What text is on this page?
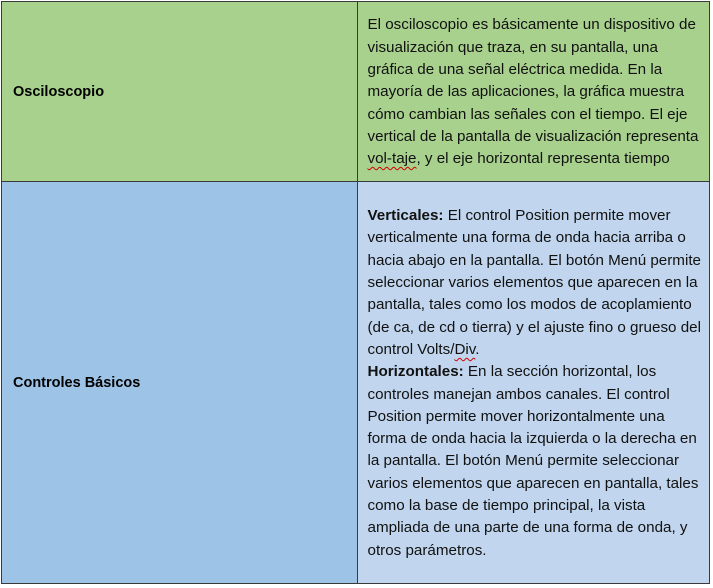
Osciloscopio	El osciloscopio es básicamente un dispositivo de visualización que traza, en su pantalla, una gráfica de una señal eléctrica medida. En la mayoría de las aplicaciones, la gráfica muestra cómo cambian las señales con el tiempo. El eje vertical de la pantalla de visualización representa vol-taje, y el eje horizontal representa tiempo

Controles Básicos	Verticales: El control Position permite mover verticalmente una forma de onda hacia arriba o hacia abajo en la pantalla. El botón Menú permite seleccionar varios elementos que aparecen en la pantalla, tales como los modos de acoplamiento (de ca, de cd o tierra) y el ajuste fino o grueso del control Volts/Div.
Horizontales: En la sección horizontal, los controles manejan ambos canales. El control Position permite mover horizontalmente una forma de onda hacia la izquierda o la derecha en la pantalla. El botón Menú permite seleccionar varios elementos que aparecen en pantalla, tales como la base de tiempo principal, la vista ampliada de una parte de una forma de onda, y otros parámetros.
